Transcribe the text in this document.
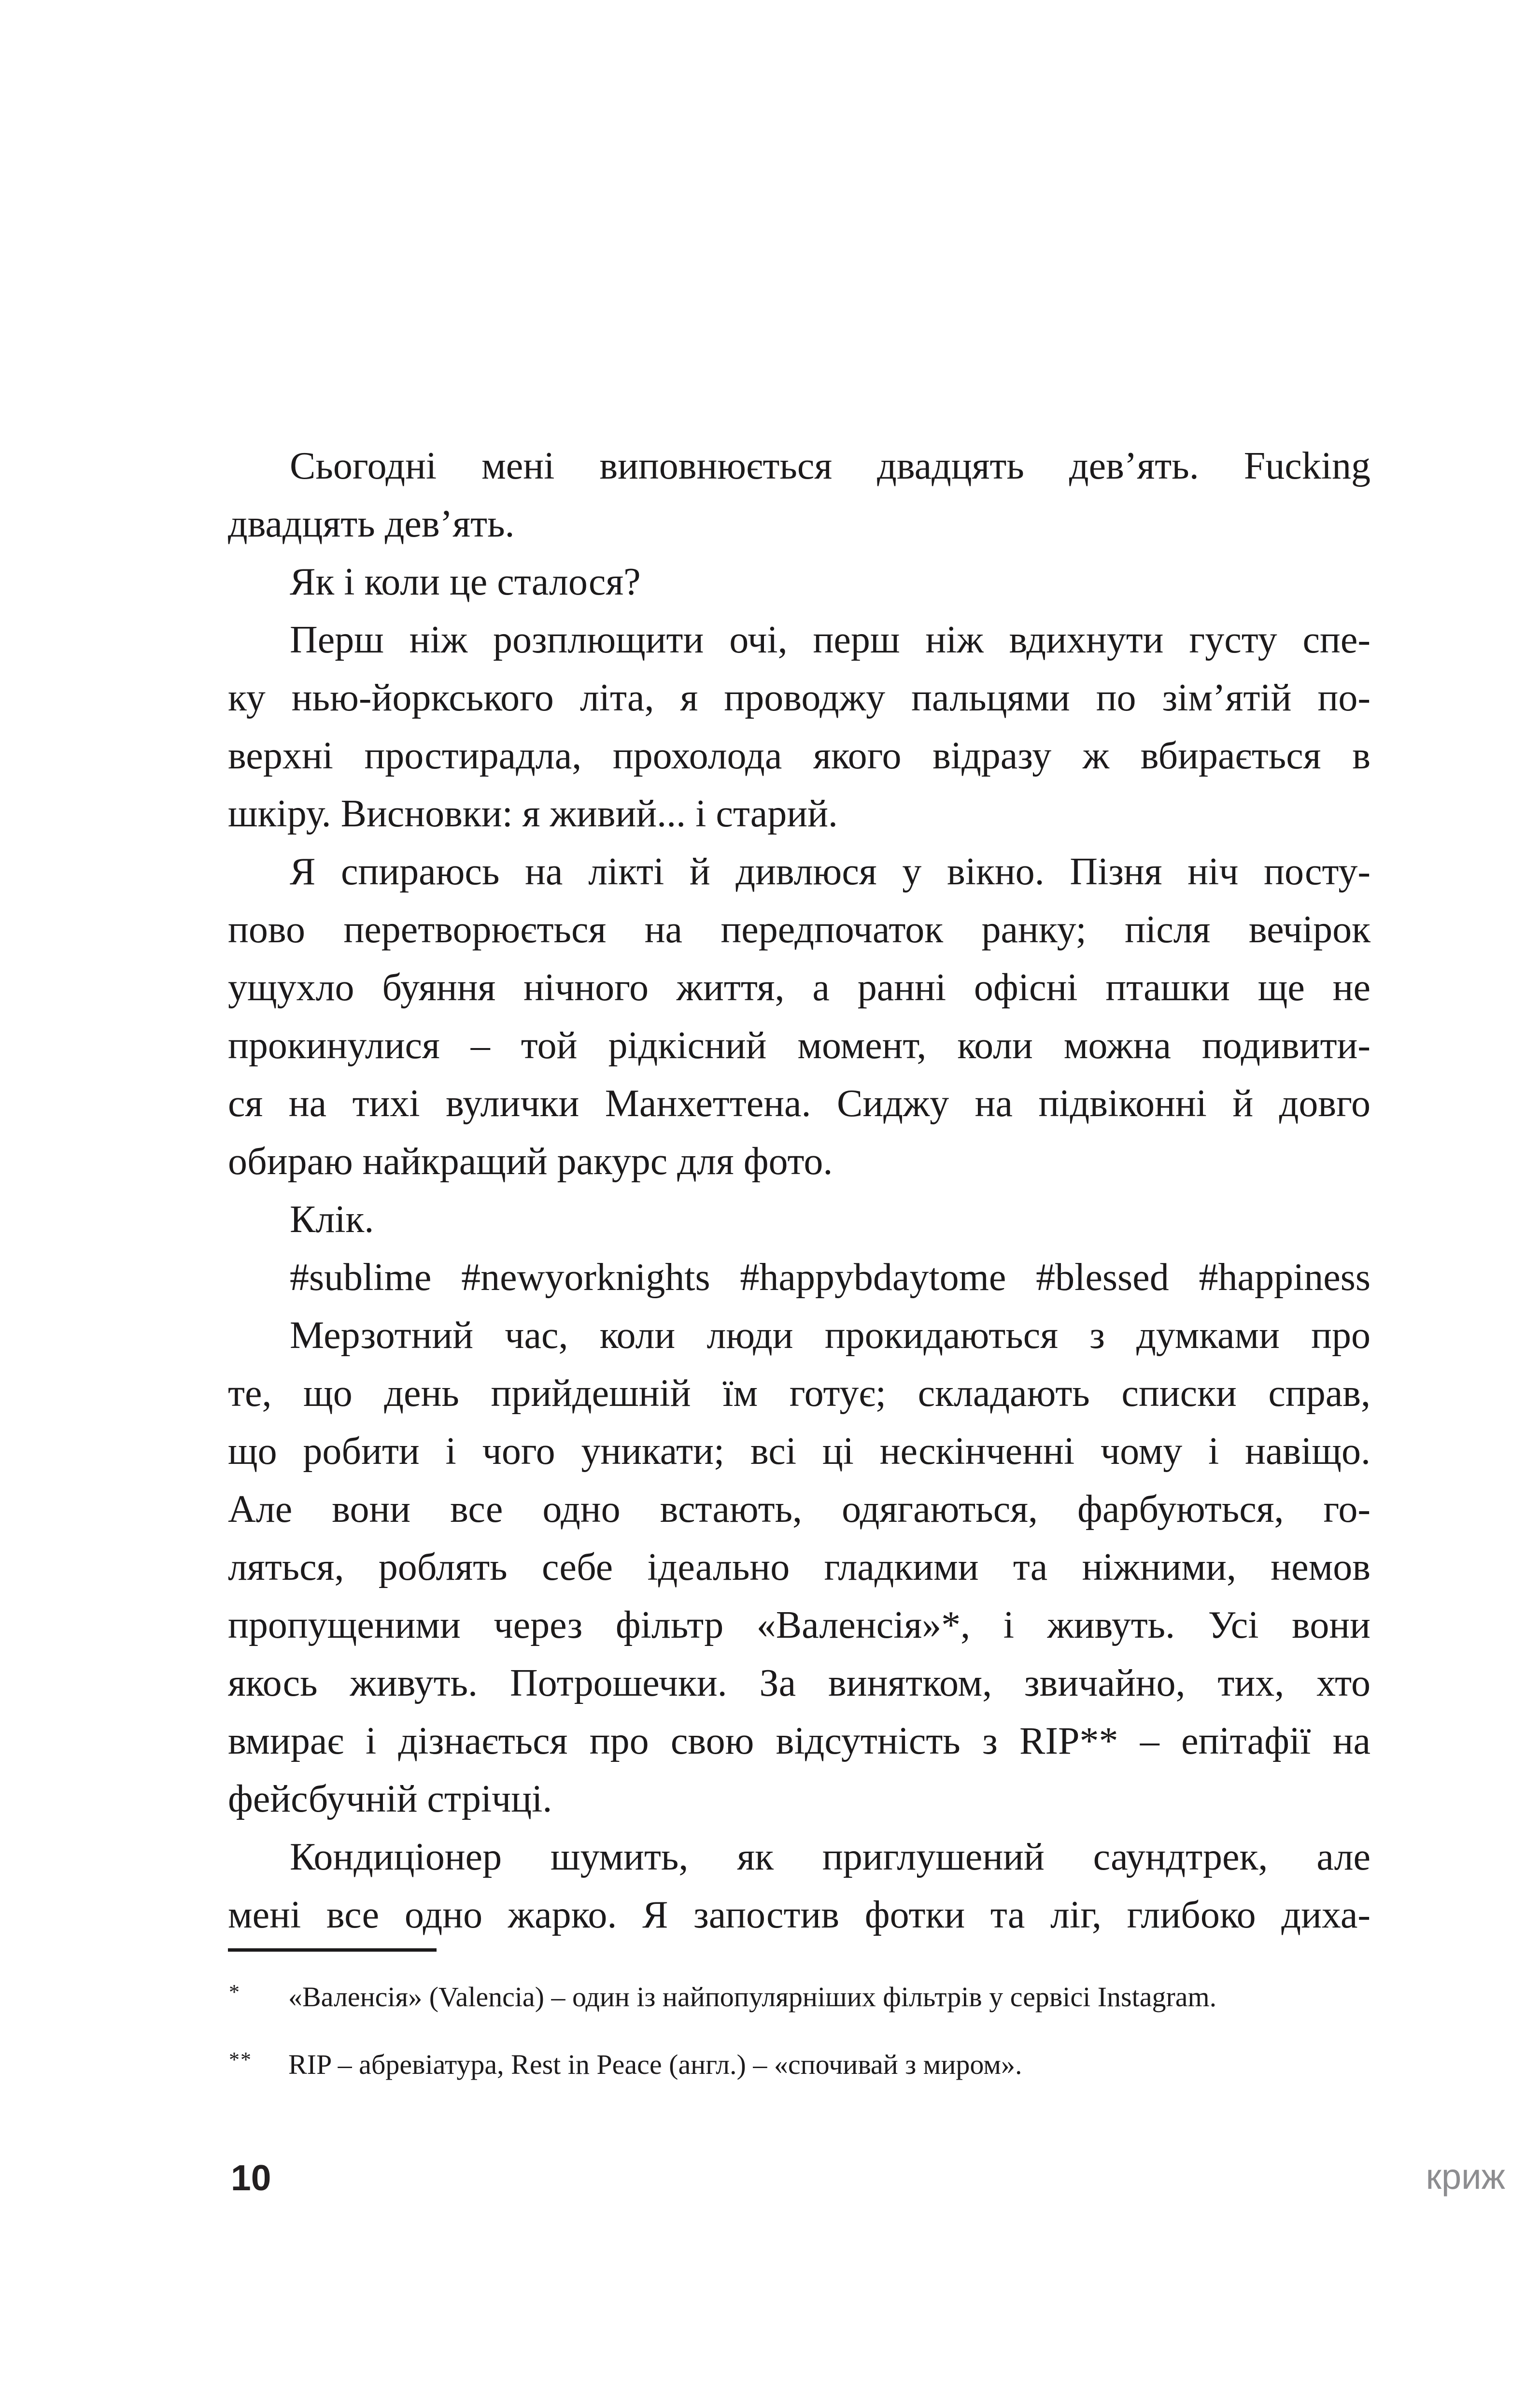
Сьогодні мені виповнюється двадцять дев’ять. Fucking
двадцять дев’ять.
Як і коли це сталося?
Перш ніж розплющити очі, перш ніж вдихнути густу спе-
ку нью-йоркського літа, я проводжу пальцями по зім’ятій по-
верхні простирадла, прохолода якого відразу ж вбирається в
шкіру. Висновки: я живий... і старий.
Я спираюсь на лікті й дивлюся у вікно. Пізня ніч посту-
пово перетворюється на передпочаток ранку; після вечірок
ущухло буяння нічного життя, а ранні офісні пташки ще не
прокинулися – той рідкісний момент, коли можна подивити-
ся на тихі вулички Манхеттена. Сиджу на підвіконні й довго
обираю найкращий ракурс для фото.
Клік.
#sublime #newyorknights #happybdaytome #blessed #happiness
Мерзотний час, коли люди прокидаються з думками про
те, що день прийдешній їм готує; складають списки справ,
що робити і чого уникати; всі ці нескінченні чому і навіщо.
Але вони все одно встають, одягаються, фарбуються, го-
ляться, роблять себе ідеально гладкими та ніжними, немов
пропущеними через фільтр «Валенсія»*, і живуть. Усі вони
якось живуть. Потрошечки. За винятком, звичайно, тих, хто
вмирає і дізнається про свою відсутність з RIP** – епітафії на
фейсбучній стрічці.
Кондиціонер шумить, як приглушений саундтрек, але
мені все одно жарко. Я запостив фотки та ліг, глибоко диха-
* «Валенсія» (Valencia) – один із найпопулярніших фільтрів у сервісі Instagram.
** RIP – абревіатура, Rest in Peace (англ.) – «спочивай з миром».
10	криж
